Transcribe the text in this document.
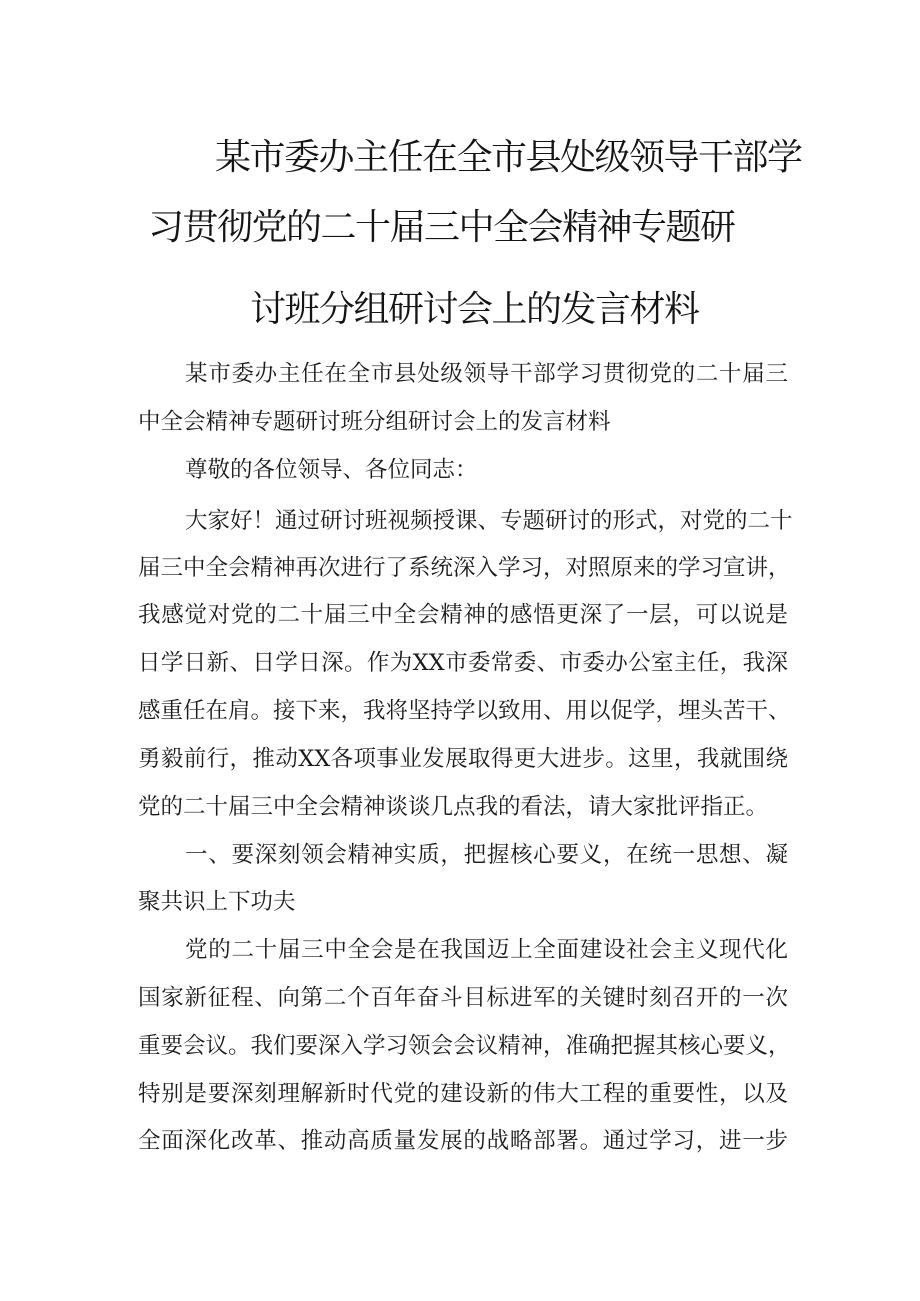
某市委办主任在全市县处级领导干部学
习贯彻党的二十届三中全会精神专题研
讨班分组研讨会上的发言材料
某市委办主任在全市县处级领导干部学习贯彻党的二十届三
中全会精神专题研讨班分组研讨会上的发言材料
尊敬的各位领导、各位同志：
大家好！通过研讨班视频授课、专题研讨的形式，对党的二十
届三中全会精神再次进行了系统深入学习，对照原来的学习宣讲，
我感觉对党的二十届三中全会精神的感悟更深了一层，可以说是
日学日新、日学日深。作为XX市委常委、市委办公室主任，我深
感重任在肩。接下来，我将坚持学以致用、用以促学，埋头苦干、
勇毅前行，推动XX各项事业发展取得更大进步。这里，我就围绕
党的二十届三中全会精神谈谈几点我的看法，请大家批评指正。
一、要深刻领会精神实质，把握核心要义，在统一思想、凝
聚共识上下功夫
党的二十届三中全会是在我国迈上全面建设社会主义现代化
国家新征程、向第二个百年奋斗目标进军的关键时刻召开的一次
重要会议。我们要深入学习领会会议精神，准确把握其核心要义，
特别是要深刻理解新时代党的建设新的伟大工程的重要性，以及
全面深化改革、推动高质量发展的战略部署。通过学习，进一步
